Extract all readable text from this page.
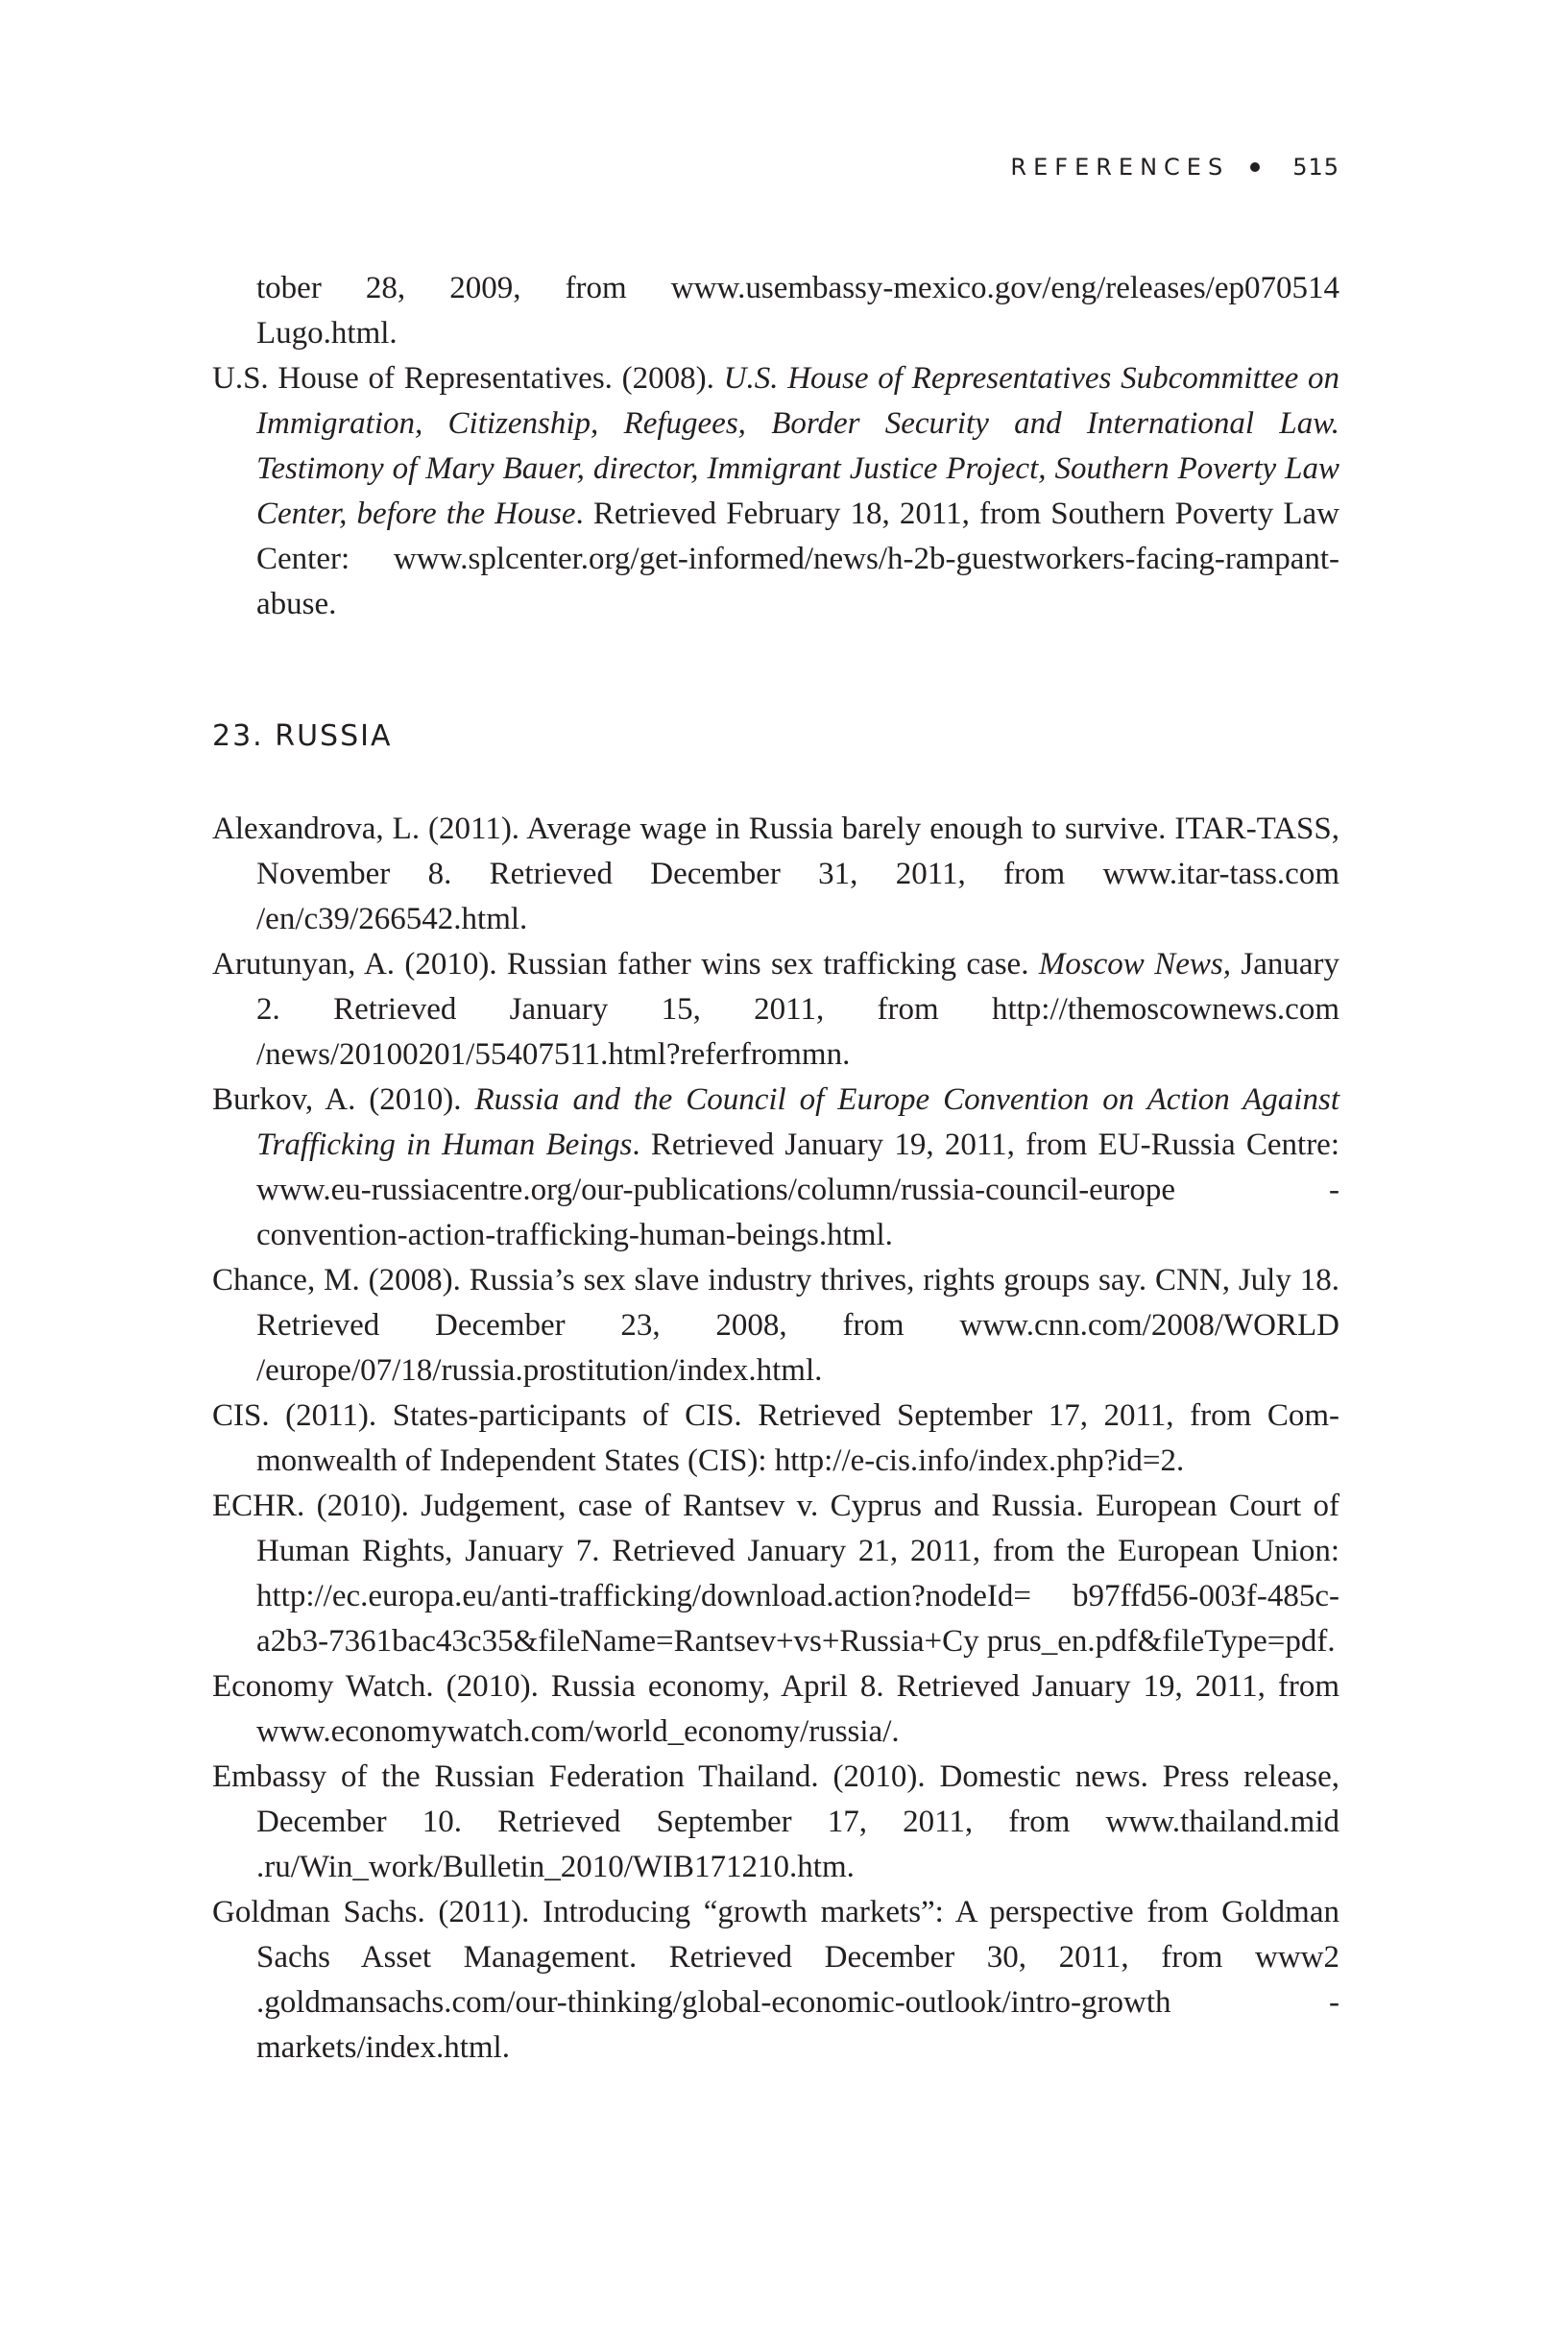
REFERENCES	515

tober 28, 2009, from www.usembassy-mexico.gov/eng/releases/ep070514 Lugo.html.

U.S. House of Representatives. (2008). U.S. House of Representatives Subcommittee on Immigration, Citizenship, Refugees, Border Security and International Law. Testimony of Mary Bauer, director, Immigrant Justice Project, Southern Poverty Law Center, before the House. Retrieved February 18, 2011, from Southern Poverty Law Center: www.splcenter.org/get-informed/news/h-2b-guestworkers-facing-rampant-abuse.

23. RUSSIA

Alexandrova, L. (2011). Average wage in Russia barely enough to survive. ITAR-TASS, November 8. Retrieved December 31, 2011, from www.itar-tass.com /en/c39/266542.html.

Arutunyan, A. (2010). Russian father wins sex trafficking case. Moscow News, January 2. Retrieved January 15, 2011, from http://themoscownews.com /news/20100201/55407511.html?referfrommn.

Burkov, A. (2010). Russia and the Council of Europe Convention on Action Against Trafficking in Human Beings. Retrieved January 19, 2011, from EU-Russia Centre: www.eu-russiacentre.org/our-publications/column/russia-council-europe -convention-action-trafficking-human-beings.html.

Chance, M. (2008). Russia’s sex slave industry thrives, rights groups say. CNN, July 18. Retrieved December 23, 2008, from www.cnn.com/2008/WORLD /europe/07/18/russia.prostitution/index.html.

CIS. (2011). States-participants of CIS. Retrieved September 17, 2011, from Commonwealth of Independent States (CIS): http://e-cis.info/index.php?id=2.

ECHR. (2010). Judgement, case of Rantsev v. Cyprus and Russia. European Court of Human Rights, January 7. Retrieved January 21, 2011, from the European Union: http://ec.europa.eu/anti-trafficking/download.action?nodeId= b97ffd56-003f-485c-a2b3-7361bac43c35&fileName=Rantsev+vs+Russia+Cy prus_en.pdf&fileType=pdf.

Economy Watch. (2010). Russia economy, April 8. Retrieved January 19, 2011, from www.economywatch.com/world_economy/russia/.

Embassy of the Russian Federation Thailand. (2010). Domestic news. Press release, December 10. Retrieved September 17, 2011, from www.thailand.mid .ru/Win_work/Bulletin_2010/WIB171210.htm.

Goldman Sachs. (2011). Introducing “growth markets”: A perspective from Goldman Sachs Asset Management. Retrieved December 30, 2011, from www2 .goldmansachs.com/our-thinking/global-economic-outlook/intro-growth -markets/index.html.
